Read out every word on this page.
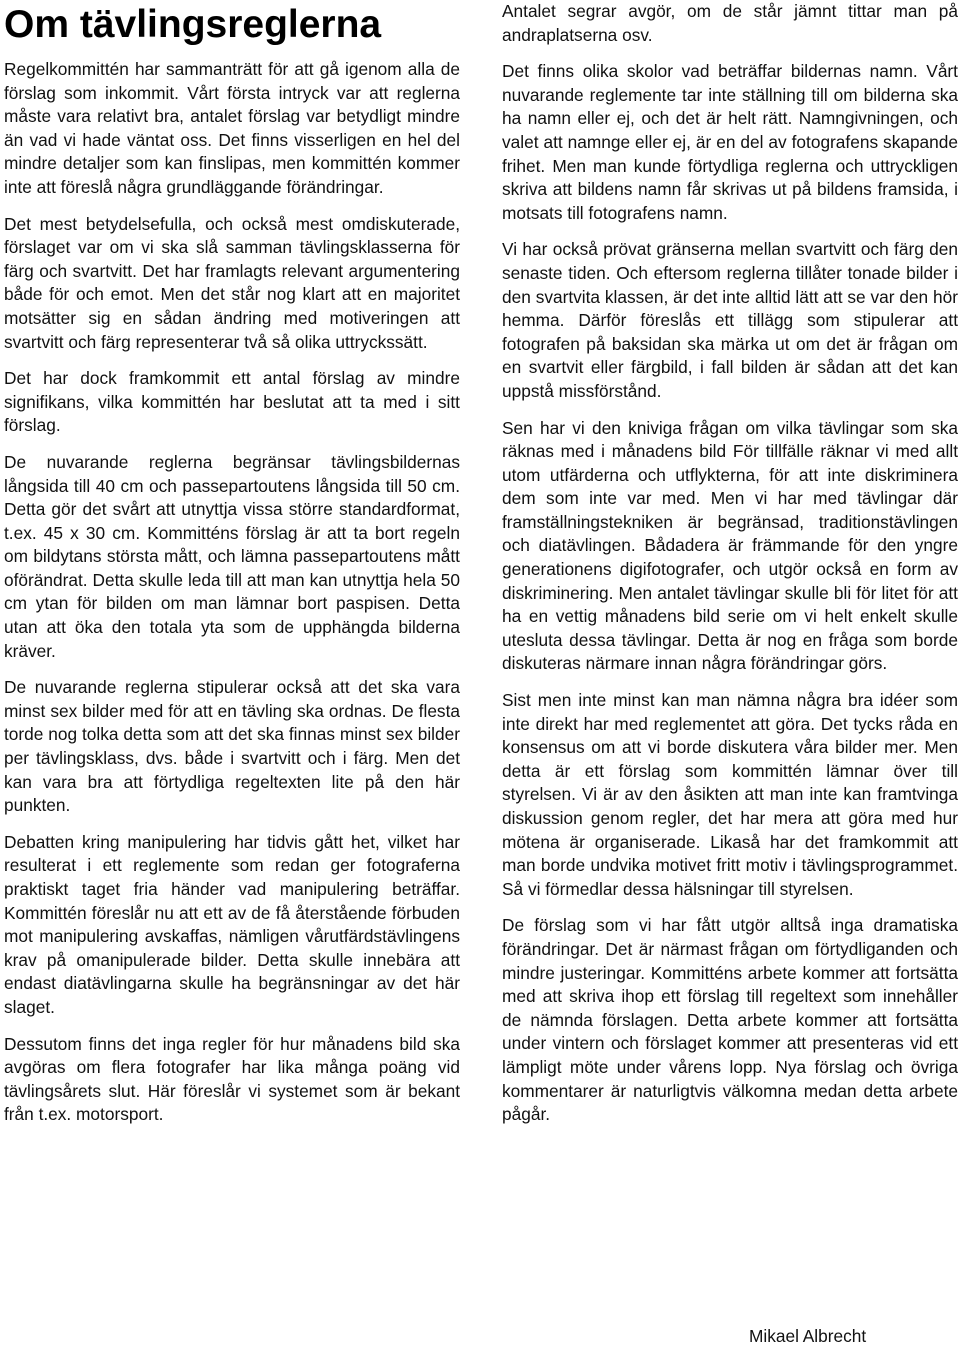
Om tävlingsreglerna

Regelkommittén har sammanträtt för att gå igenom alla de förslag som inkommit. Vårt första intryck var att reglerna måste vara relativt bra, antalet förslag var betydligt mindre än vad vi hade väntat oss. Det finns visserligen en hel del mindre detaljer som kan finslipas, men kommittén kommer inte att föreslå några grundläggande förändringar.

Det mest betydelsefulla, och också mest omdiskuterade, förslaget var om vi ska slå samman tävlingsklasserna för färg och svartvitt. Det har framlagts relevant argumentering både för och emot. Men det står nog klart att en majoritet motsätter sig en sådan ändring med motiveringen att svartvitt och färg representerar två så olika uttryckssätt.

Det har dock framkommit ett antal förslag av mindre signifikans, vilka kommittén har beslutat att ta med i sitt förslag.

De nuvarande reglerna begränsar tävlingsbildernas långsida till 40 cm och passepartoutens långsida till 50 cm. Detta gör det svårt att utnyttja vissa större standardformat, t.ex. 45 x 30 cm. Kommitténs förslag är att ta bort regeln om bildytans största mått, och lämna passepartoutens mått oförändrat. Detta skulle leda till att man kan utnyttja hela 50 cm ytan för bilden om man lämnar bort paspisen. Detta utan att öka den totala yta som de upphängda bilderna kräver.

De nuvarande reglerna stipulerar också att det ska vara minst sex bilder med för att en tävling ska ordnas. De flesta torde nog tolka detta som att det ska finnas minst sex bilder per tävlingsklass, dvs. både i svartvitt och i färg. Men det kan vara bra att förtydliga regeltexten lite på den här punkten.

Debatten kring manipulering har tidvis gått het, vilket har resulterat i ett reglemente som redan ger fotograferna praktiskt taget fria händer vad manipulering beträffar. Kommittén föreslår nu att ett av de få återstående förbuden mot manipulering avskaffas, nämligen vårutfärdstävlingens krav på omanipulerade bilder. Detta skulle innebära att endast diatävlingarna skulle ha begränsningar av det här slaget.

Dessutom finns det inga regler för hur månadens bild ska avgöras om flera fotografer har lika många poäng vid tävlingsårets slut. Här föreslår vi systemet som är bekant från t.ex. motorsport.

Antalet segrar avgör, om de står jämnt tittar man på andraplatserna osv.

Det finns olika skolor vad beträffar bildernas namn. Vårt nuvarande reglemente tar inte ställning till om bilderna ska ha namn eller ej, och det är helt rätt. Namngivningen, och valet att namnge eller ej, är en del av fotografens skapande frihet. Men man kunde förtydliga reglerna och uttryckligen skriva att bildens namn får skrivas ut på bildens framsida, i motsats till fotografens namn.

Vi har också prövat gränserna mellan svartvitt och färg den senaste tiden. Och eftersom reglerna tillåter tonade bilder i den svartvita klassen, är det inte alltid lätt att se var den hör hemma. Därför föreslås ett tillägg som stipulerar att fotografen på baksidan ska märka ut om det är frågan om en svartvit eller färgbild, i fall bilden är sådan att det kan uppstå missförstånd.

Sen har vi den kniviga frågan om vilka tävlingar som ska räknas med i månadens bild För tillfälle räknar vi med allt utom utfärderna och utflykterna, för att inte diskriminera dem som inte var med. Men vi har med tävlingar där framställningstekniken är begränsad, traditionstävlingen och diatävlingen. Bådadera är främmande för den yngre generationens digifotografer, och utgör också en form av diskriminering. Men antalet tävlingar skulle bli för litet för att ha en vettig månadens bild serie om vi helt enkelt skulle utesluta dessa tävlingar. Detta är nog en fråga som borde diskuteras närmare innan några förändringar görs.

Sist men inte minst kan man nämna några bra idéer som inte direkt har med reglementet att göra. Det tycks råda en konsensus om att vi borde diskutera våra bilder mer. Men detta är ett förslag som kommittén lämnar över till styrelsen. Vi är av den åsikten att man inte kan framtvinga diskussion genom regler, det har mera att göra med hur mötena är organiserade. Likaså har det framkommit att man borde undvika motivet fritt motiv i tävlingsprogrammet. Så vi förmedlar dessa hälsningar till styrelsen.

De förslag som vi har fått utgör alltså inga dramatiska förändringar. Det är närmast frågan om förtydliganden och mindre justeringar. Kommitténs arbete kommer att fortsätta med att skriva ihop ett förslag till regeltext som innehåller de nämnda förslagen. Detta arbete kommer att fortsätta under vintern och förslaget kommer att presenteras vid ett lämpligt möte under vårens lopp. Nya förslag och övriga kommentarer är naturligtvis välkomna medan detta arbete pågår.

Mikael Albrecht
